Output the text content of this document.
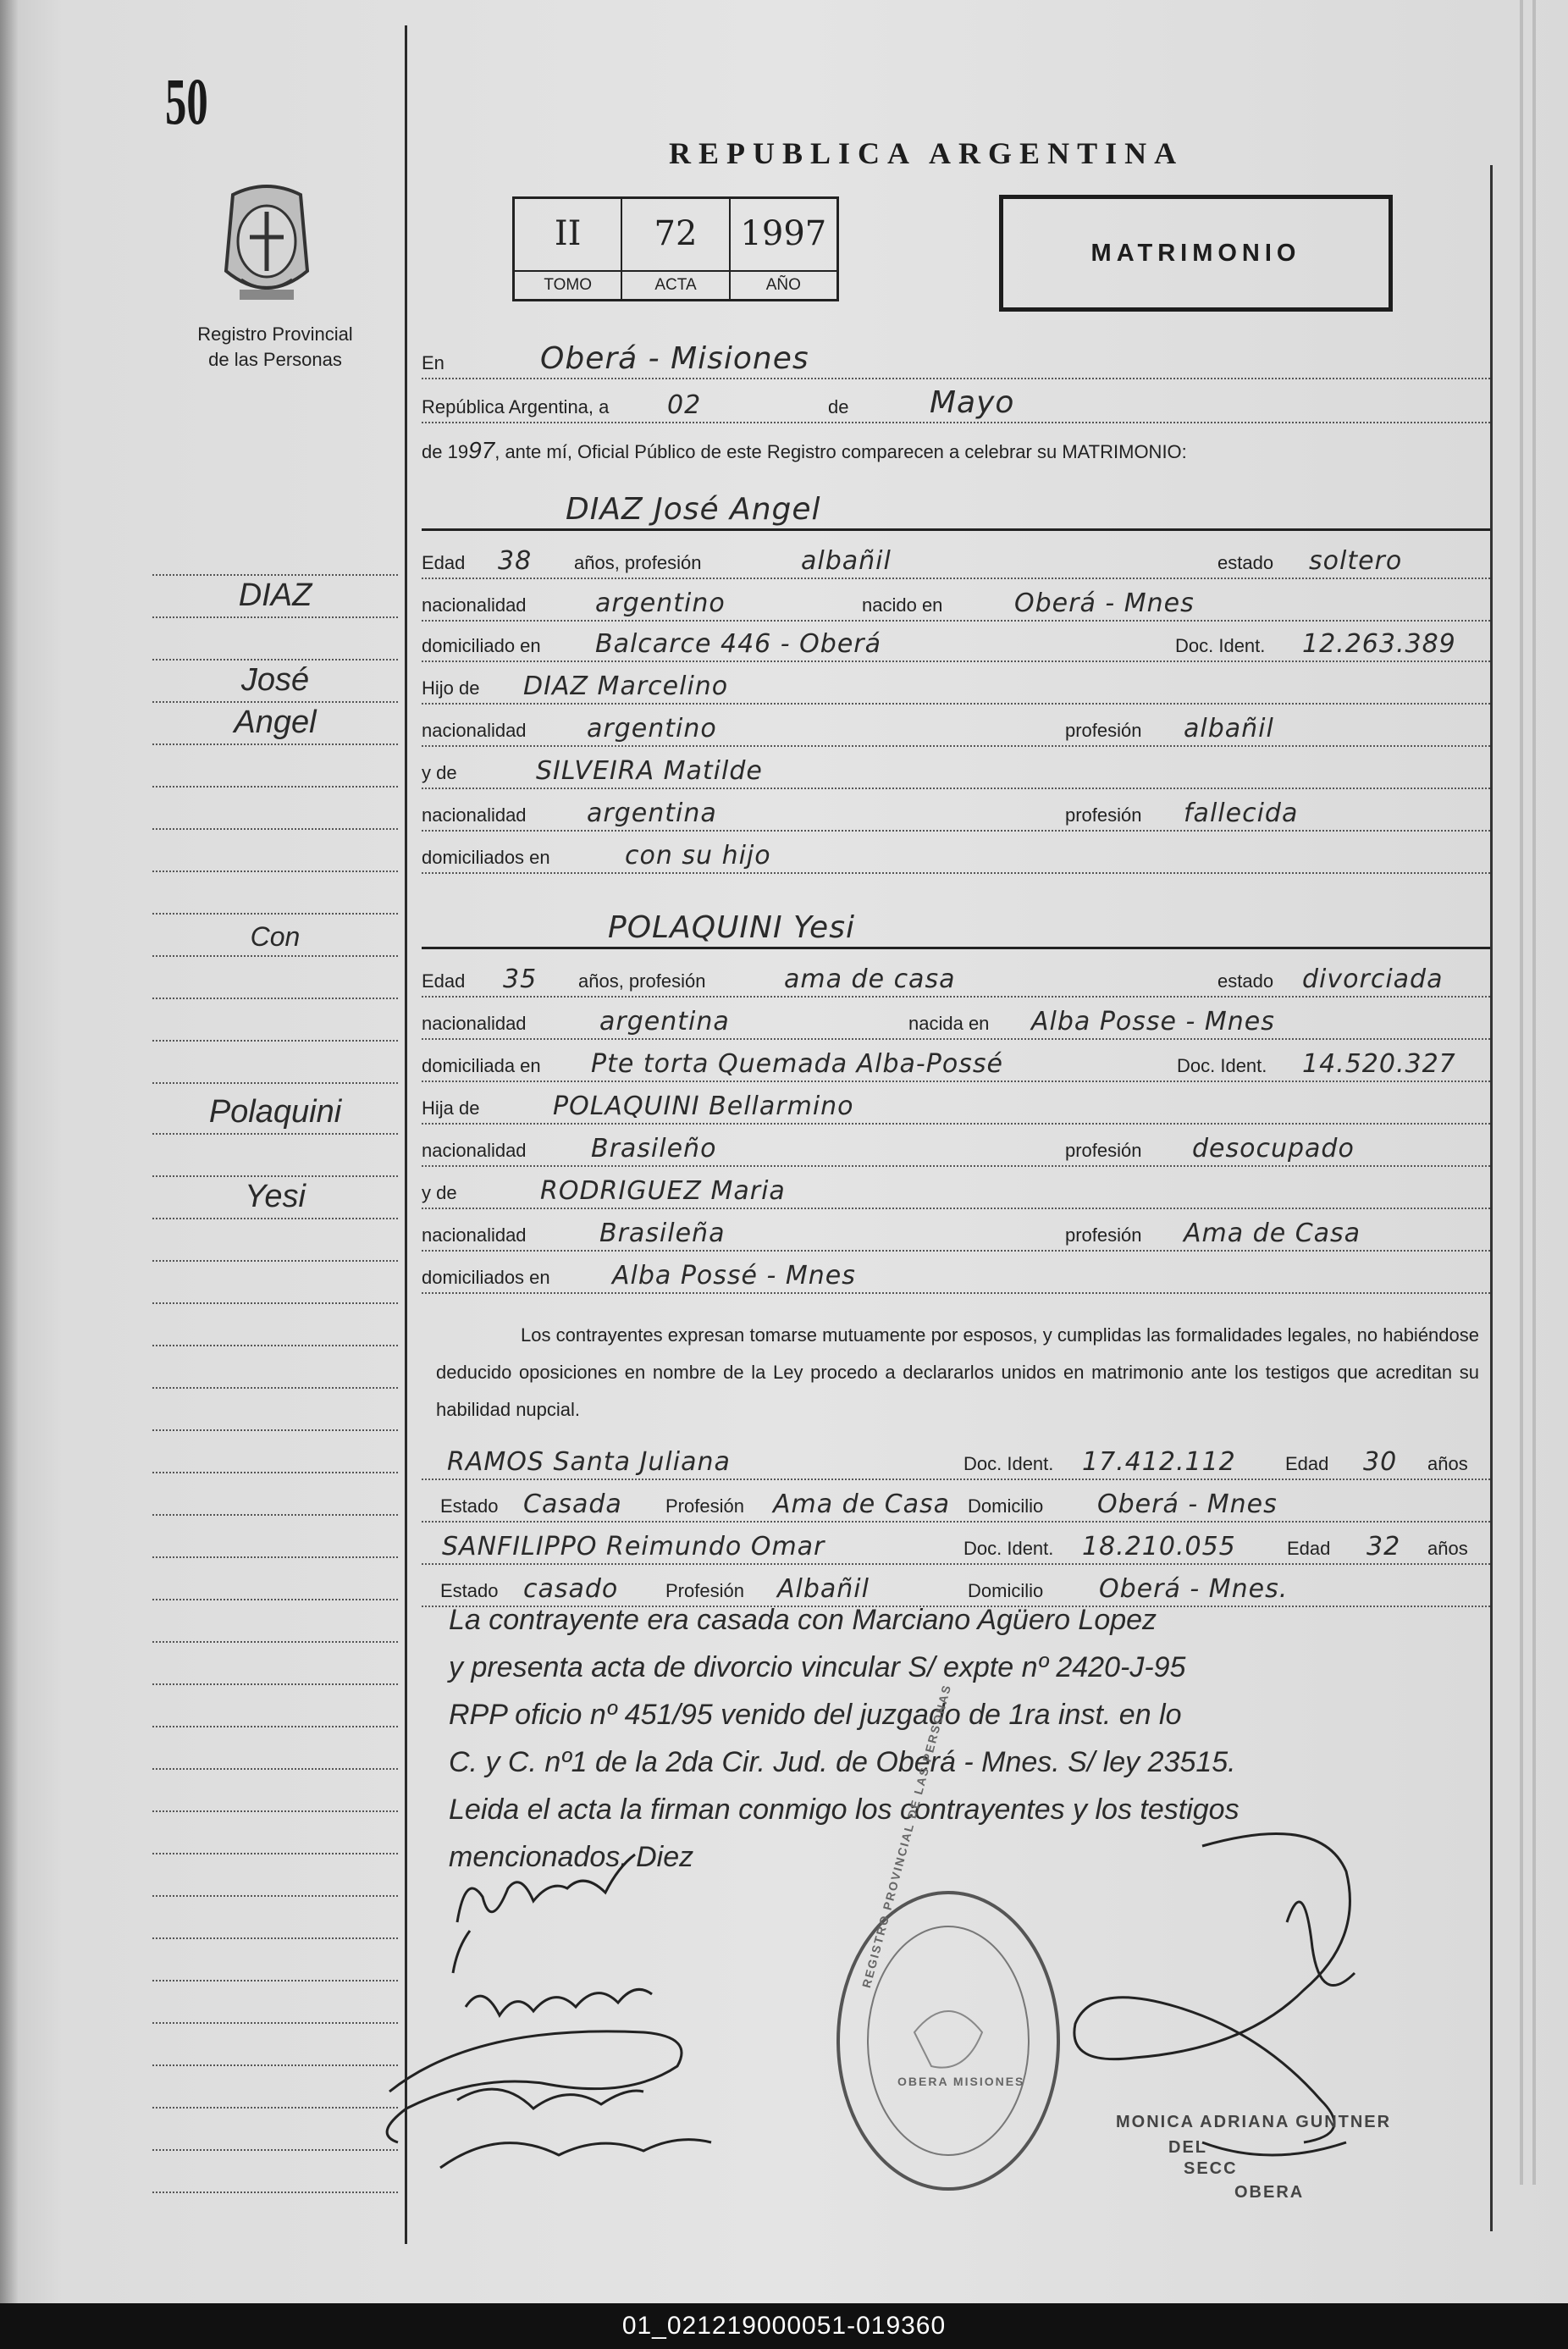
50
Registro Provincial
de las Personas
REPUBLICA ARGENTINA
II
TOMO
72
ACTA
1997
AÑO
MATRIMONIO
En	Oberá - Misiones
República Argentina, a 02	de	Mayo
de 1997, ante mí, Oficial Público de este Registro comparecen a celebrar su MATRIMONIO:
DIAZ José Angel
Edad 38 años, profesión	albañil	estado soltero
nacionalidad	argentino	nacido en	Oberá - Mnes
domiciliado en Balcarce 446 - Oberá	Doc. Ident. 12.263.389
Hijo de DIAZ Marcelino
nacionalidad argentino	profesión albañil
y de	SILVEIRA Matilde
nacionalidad argentina	profesión fallecida
domiciliados en	con su hijo
POLAQUINI Yesi
Edad 35 años, profesión	ama de casa	estado divorciada
nacionalidad	argentina	nacida en Alba Posse - Mnes
domiciliada en Pte torta Quemada Alba-Possé	Doc. Ident. 14.520.327
Hija de	POLAQUINI Bellarmino
nacionalidad	Brasileño	profesión desocupado
y de	RODRIGUEZ Maria
nacionalidad	Brasileña	profesión Ama de Casa
domiciliados en Alba Possé - Mnes
DIAZ
José
Angel
Con
Polaquini
Yesi

Los contrayentes expresan tomarse mutuamente por esposos, y cumplidas las formalidades legales, no habiéndose deducido oposiciones en nombre de la Ley procedo a declararlos unidos en matrimonio ante los testigos que acreditan su habilidad nupcial.

RAMOS Santa Juliana	Doc. Ident. 17.412.112	Edad 30 años
Estado Casada Profesión Ama de Casa Domicilio Oberá - Mnes
SANFILIPPO Reimundo Omar	Doc. Ident. 18.210.055	Edad 32 años
Estado casado	Profesión Albañil	Domicilio Oberá - Mnes.
La contrayente era casada con Marciano Agüero Lopez
y presenta acta de divorcio vincular S/ expte nº 2420-J-95
RPP oficio nº 451/95 venido del juzgado de 1ra inst. en lo
C. y C. nº1 de la 2da Cir. Jud. de Oberá - Mnes. S/ ley 23515.
Leida el acta la firman conmigo los contrayentes y los testigos
mencionados. Diez
MONICA ADRIANA GUNTNER
DEL
SECC
OBERA
REGISTRO PROVINCIAL DE LAS PERSONAS
OBERA MISIONES
01_021219000051-019360
